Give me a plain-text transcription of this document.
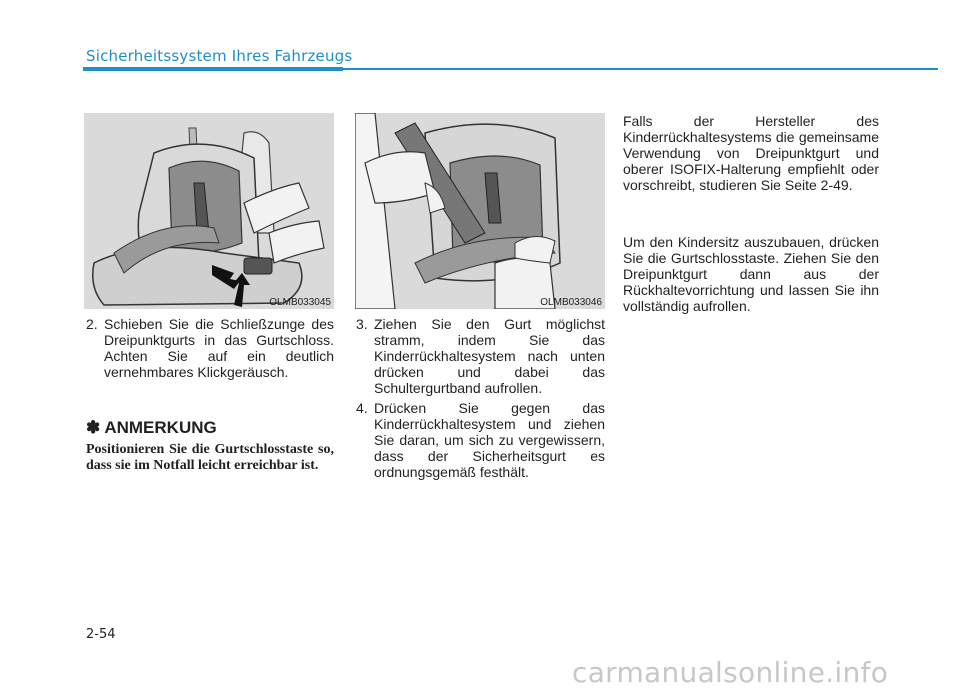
Sicherheitssystem Ihres Fahrzeugs
OLMB033045	OLMB033046
2. Schieben Sie die Schließzunge des Dreipunktgurts in das Gurtschloss. Achten Sie auf ein deutlich vernehmbares Klickgeräusch.
✽ ANMERKUNG
Positionieren Sie die Gurtschlosstaste so, dass sie im Notfall leicht erreichbar ist.
3. Ziehen Sie den Gurt möglichst stramm, indem Sie das Kinderrückhaltesystem nach unten drücken und dabei das Schultergurtband aufrollen.
4. Drücken Sie gegen das Kinderrückhaltesystem und ziehen Sie daran, um sich zu vergewissern, dass der Sicherheitsgurt es ordnungsgemäß festhält.
Falls der Hersteller des Kinderrückhaltesystems die gemeinsame Verwendung von Dreipunktgurt und oberer ISOFIX-Halterung empfiehlt oder vorschreibt, studieren Sie Seite 2-49.
Um den Kindersitz auszubauen, drücken Sie die Gurtschlosstaste. Ziehen Sie den Dreipunktgurt dann aus der Rückhaltevorrichtung und lassen Sie ihn vollständig aufrollen.
2-54
carmanualsonline.info
